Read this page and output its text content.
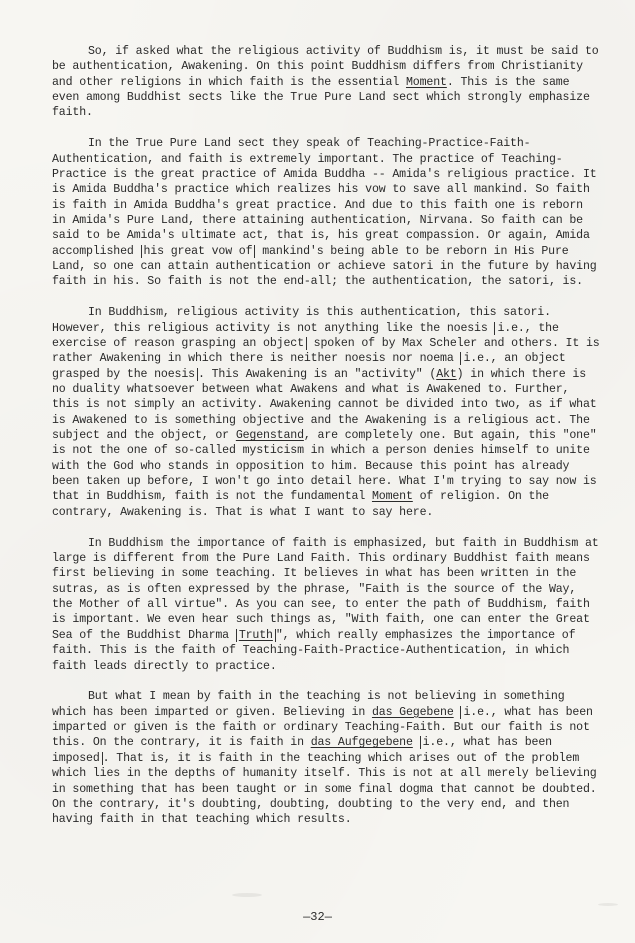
So, if asked what the religious activity of Buddhism is, it must be said to be authentication, Awakening. On this point Buddhism differs from Christianity and other religions in which faith is the essential Moment. This is the same even among Buddhist sects like the True Pure Land sect which strongly emphasize faith.

In the True Pure Land sect they speak of Teaching-Practice-Faith-Authentication, and faith is extremely important. The practice of Teaching-Practice is the great practice of Amida Buddha -- Amida's religious practice. It is Amida Buddha's practice which realizes his vow to save all mankind. So faith is faith in Amida Buddha's great practice. And due to this faith one is reborn in Amida's Pure Land, there attaining authentication, Nirvana. So faith can be said to be Amida's ultimate act, that is, his great compassion. Or again, Amida accomplished his great vow of mankind's being able to be reborn in His Pure Land, so one can attain authentication or achieve satori in the future by having faith in his. So faith is not the end-all; the authentication, the satori, is.

In Buddhism, religious activity is this authentication, this satori. However, this religious activity is not anything like the noesis i.e., the exercise of reason grasping an object spoken of by Max Scheler and others. It is rather Awakening in which there is neither noesis nor noema i.e., an object grasped by the noesis . This Awakening is an "activity" (Akt) in which there is no duality whatsoever between what Awakens and what is Awakened to. Further, this is not simply an activity. Awakening cannot be divided into two, as if what is Awakened to is something objective and the Awakening is a religious act. The subject and the object, or Gegenstand, are completely one. But again, this "one" is not the one of so-called mysticism in which a person denies himself to unite with the God who stands in opposition to him. Because this point has already been taken up before, I won't go into detail here. What I'm trying to say now is that in Buddhism, faith is not the fundamental Moment of religion. On the contrary, Awakening is. That is what I want to say here.

In Buddhism the importance of faith is emphasized, but faith in Buddhism at large is different from the Pure Land Faith. This ordinary Buddhist faith means first believing in some teaching. It believes in what has been written in the sutras, as is often expressed by the phrase, "Faith is the source of the Way, the Mother of all virtue". As you can see, to enter the path of Buddhism, faith is important. We even hear such things as, "With faith, one can enter the Great Sea of the Buddhist Dharma Truth ", which really emphasizes the importance of faith. This is the faith of Teaching-Faith-Practice-Authentication, in which faith leads directly to practice.

But what I mean by faith in the teaching is not believing in something which has been imparted or given. Believing in das Gegebene i.e., what has been imparted or given is the faith or ordinary Teaching-Faith. But our faith is not this. On the contrary, it is faith in das Aufgegebene i.e., what has been imposed . That is, it is faith in the teaching which arises out of the problem which lies in the depths of humanity itself. This is not at all merely believing in something that has been taught or in some final dogma that cannot be doubted. On the contrary, it's doubting, doubting, doubting to the very end, and then having faith in that teaching which results.

—32—
